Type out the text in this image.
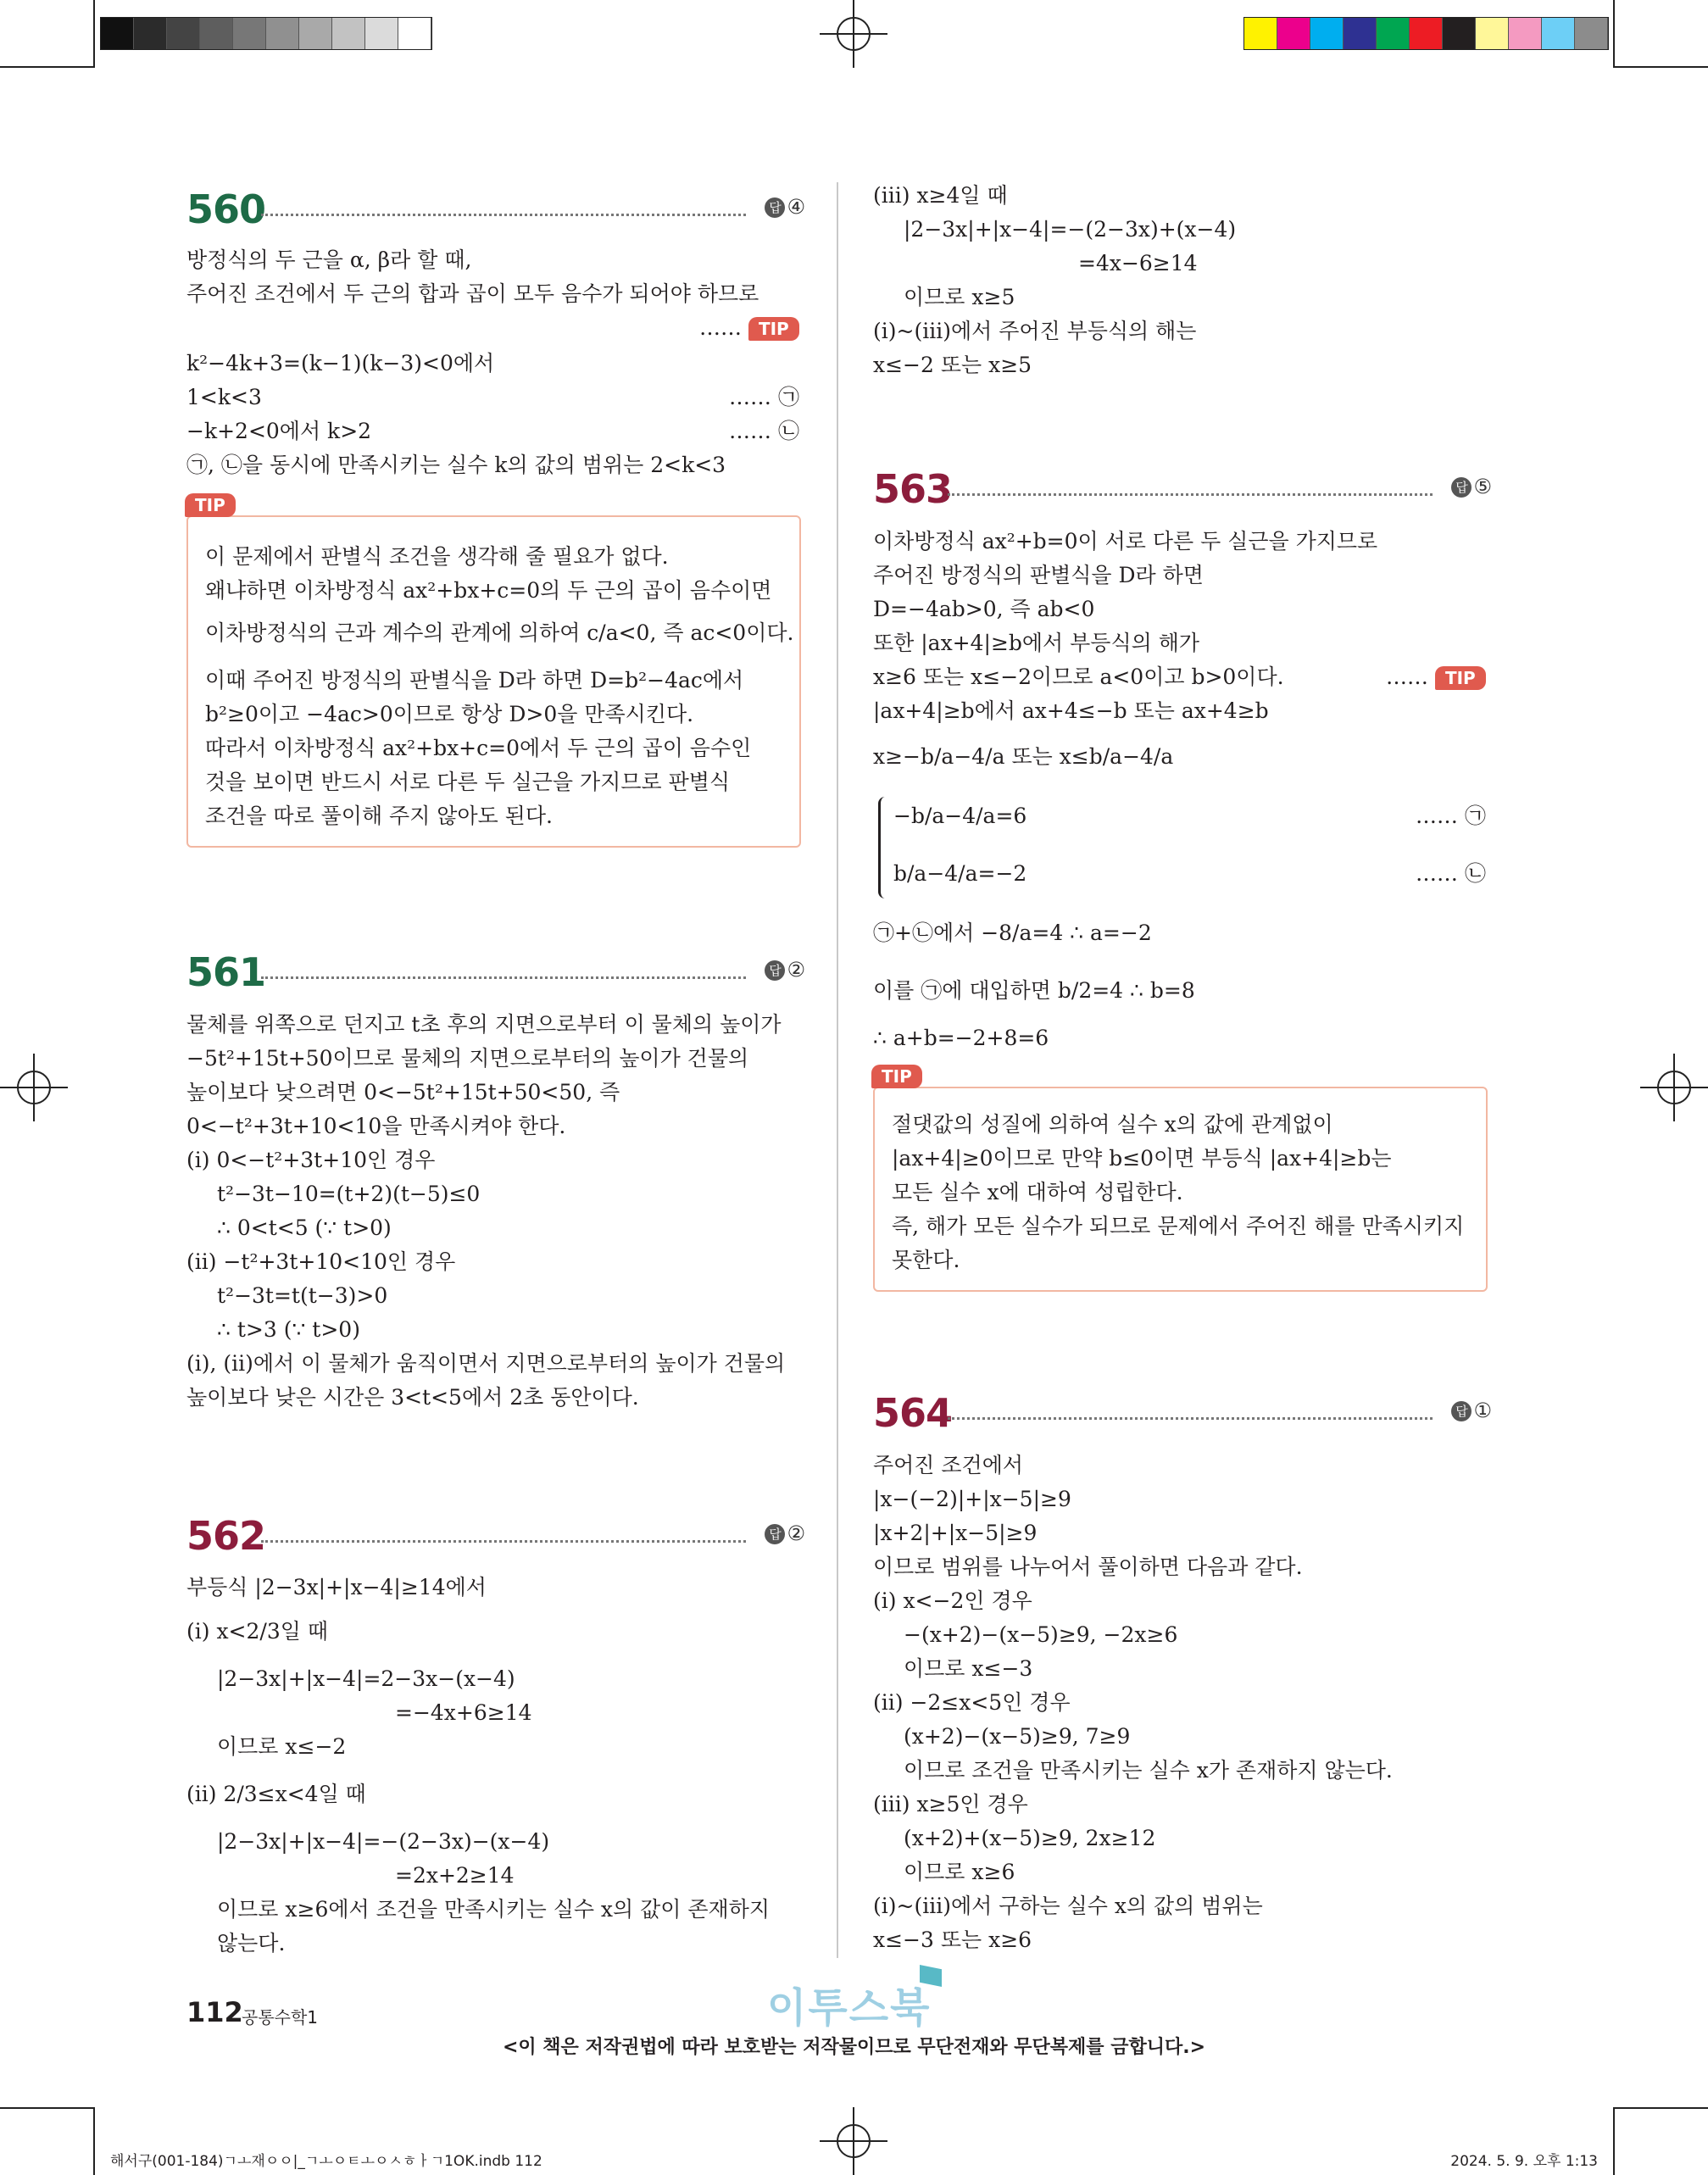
560	답 ④
방정식의 두 근을 α, β라 할 때,
주어진 조건에서 두 근의 합과 곱이 모두 음수가 되어야 하므로
…… TIP
k²−4k+3=(k−1)(k−3)<0에서
1<k<3	…… ㉠
−k+2<0에서 k>2	…… ㉡
㉠, ㉡을 동시에 만족시키는 실수 k의 값의 범위는 2<k<3
TIP
이 문제에서 판별식 조건을 생각해 줄 필요가 없다.
왜냐하면 이차방정식 ax²+bx+c=0의 두 근의 곱이 음수이면
이차방정식의 근과 계수의 관계에 의하여 c/a<0, 즉 ac<0이다.
이때 주어진 방정식의 판별식을 D라 하면 D=b²−4ac에서
b²≥0이고 −4ac>0이므로 항상 D>0을 만족시킨다.
따라서 이차방정식 ax²+bx+c=0에서 두 근의 곱이 음수인
것을 보이면 반드시 서로 다른 두 실근을 가지므로 판별식
조건을 따로 풀이해 주지 않아도 된다.
561	답 ②
물체를 위쪽으로 던지고 t초 후의 지면으로부터 이 물체의 높이가
−5t²+15t+50이므로 물체의 지면으로부터의 높이가 건물의
높이보다 낮으려면 0<−5t²+15t+50<50, 즉
0<−t²+3t+10<10을 만족시켜야 한다.
(ⅰ) 0<−t²+3t+10인 경우
t²−3t−10=(t+2)(t−5)≤0
∴ 0<t<5 (∵ t>0)
(ⅱ) −t²+3t+10<10인 경우
t²−3t=t(t−3)>0
∴ t>3 (∵ t>0)
(ⅰ), (ⅱ)에서 이 물체가 움직이면서 지면으로부터의 높이가 건물의
높이보다 낮은 시간은 3<t<5에서 2초 동안이다.
562	답 ②
부등식 |2−3x|+|x−4|≥14에서
(ⅰ) x<2/3일 때
|2−3x|+|x−4|=2−3x−(x−4)
=−4x+6≥14
이므로 x≤−2
(ⅱ) 2/3≤x<4일 때
|2−3x|+|x−4|=−(2−3x)−(x−4)
=2x+2≥14
이므로 x≥6에서 조건을 만족시키는 실수 x의 값이 존재하지
않는다.
(ⅲ) x≥4일 때
|2−3x|+|x−4|=−(2−3x)+(x−4)
=4x−6≥14
이므로 x≥5
(ⅰ)~(ⅲ)에서 주어진 부등식의 해는
x≤−2 또는 x≥5
563	답 ⑤
이차방정식 ax²+b=0이 서로 다른 두 실근을 가지므로
주어진 방정식의 판별식을 D라 하면
D=−4ab>0, 즉 ab<0
또한 |ax+4|≥b에서 부등식의 해가
x≥6 또는 x≤−2이므로 a<0이고 b>0이다.	…… TIP
|ax+4|≥b에서 ax+4≤−b 또는 ax+4≥b
x≥−b/a−4/a 또는 x≤b/a−4/a
−b/a−4/a=6	…… ㉠
b/a−4/a=−2	…… ㉡
㉠+㉡에서 −8/a=4 ∴ a=−2
이를 ㉠에 대입하면 b/2=4 ∴ b=8
∴ a+b=−2+8=6
TIP
절댓값의 성질에 의하여 실수 x의 값에 관계없이
|ax+4|≥0이므로 만약 b≤0이면 부등식 |ax+4|≥b는
모든 실수 x에 대하여 성립한다.
즉, 해가 모든 실수가 되므로 문제에서 주어진 해를 만족시키지
못한다.
564	답 ①
주어진 조건에서
|x−(−2)|+|x−5|≥9
|x+2|+|x−5|≥9
이므로 범위를 나누어서 풀이하면 다음과 같다.
(ⅰ) x<−2인 경우
−(x+2)−(x−5)≥9, −2x≥6
이므로 x≤−3
(ⅱ) −2≤x<5인 경우
(x+2)−(x−5)≥9, 7≥9
이므로 조건을 만족시키는 실수 x가 존재하지 않는다.
(ⅲ) x≥5인 경우
(x+2)+(x−5)≥9, 2x≥12
이므로 x≥6
(ⅰ)~(ⅲ)에서 구하는 실수 x의 값의 범위는
x≤−3 또는 x≥6
112
공통수학1	이투스북
<이 책은 저작권법에 따라 보호받는 저작물이므로 무단전재와 무단복제를 금합니다.>
해서구(001-184)ㄱㅗ재ㅇㅇ|_ㄱㅗㅇㅌㅗㅇㅅㅎㅏㄱ1OK.indb 112	2024. 5. 9. 오후 1:13
